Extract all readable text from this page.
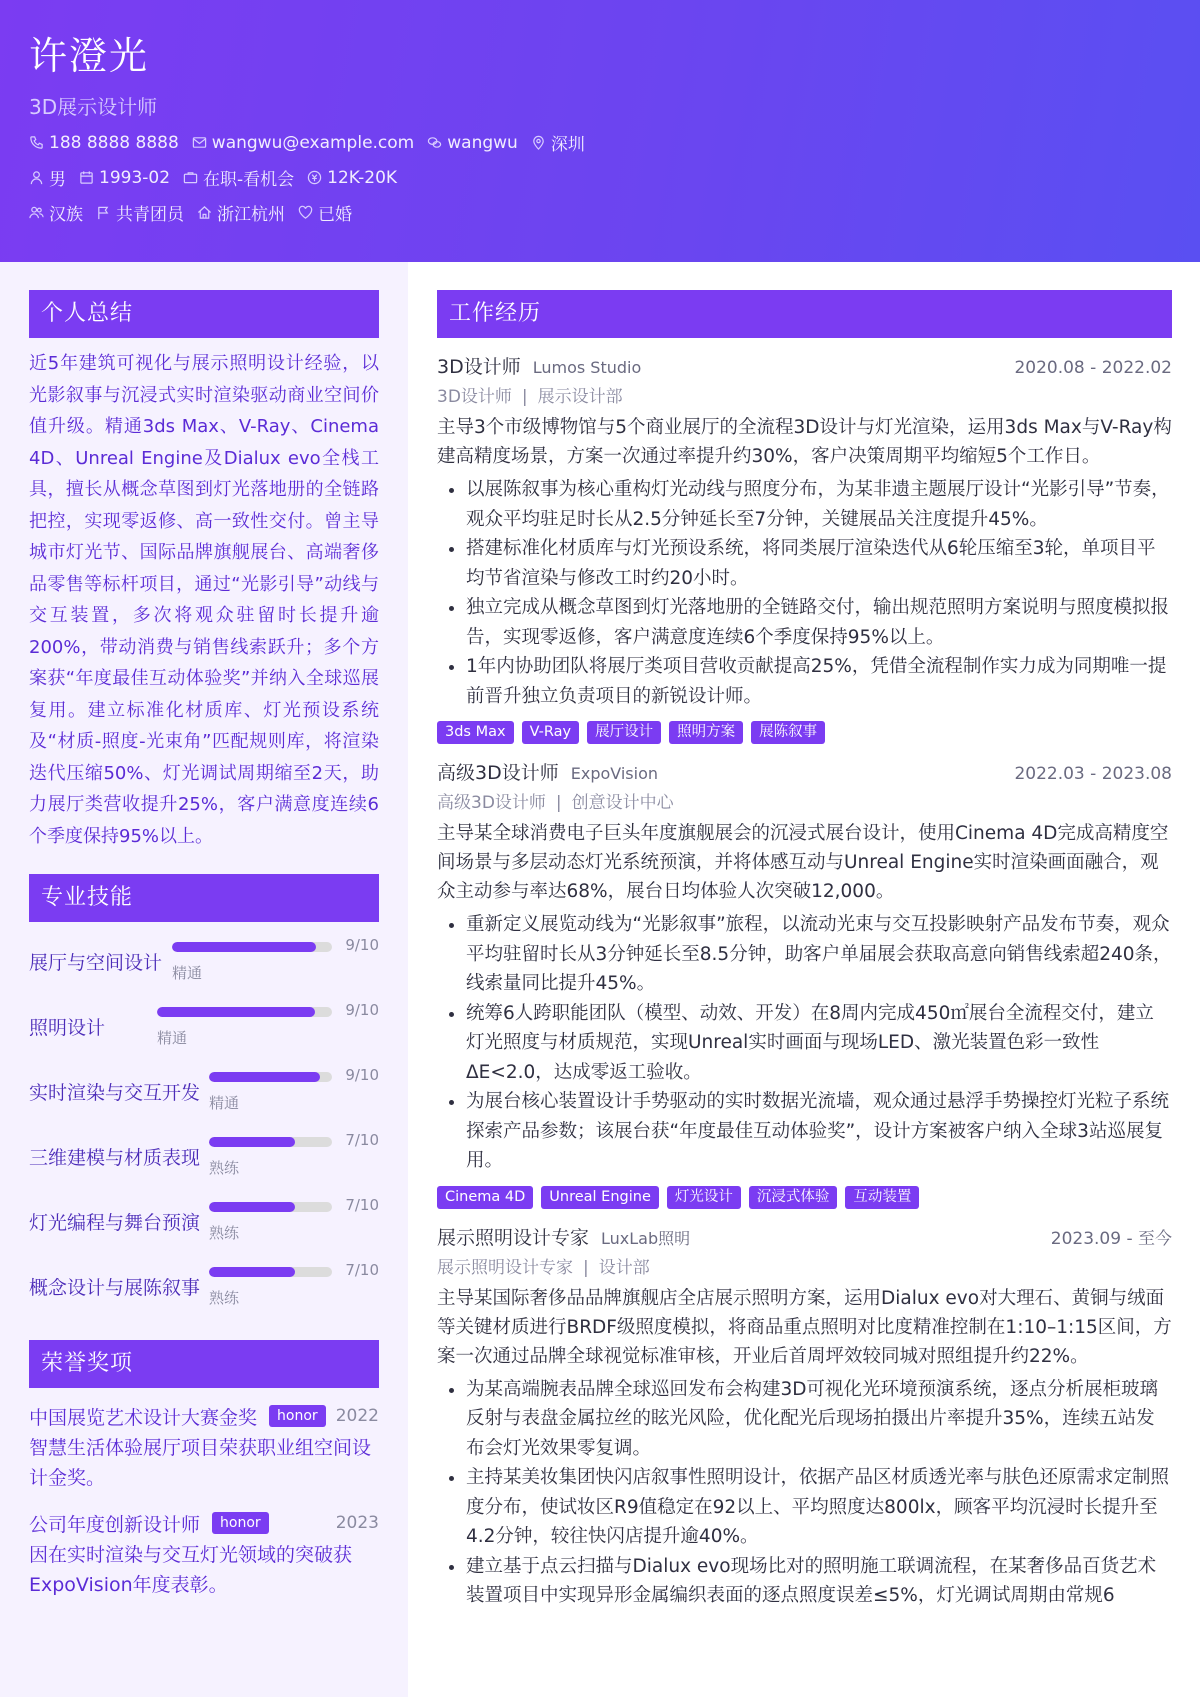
许澄光
3D展示设计师
188 8888 8888 wangwu@example.com wangwu 深圳
男 1993-02 在职-看机会 12K-20K
汉族 共青团员 浙江杭州 已婚
个人总结
近5年建筑可视化与展示照明设计经验，以光影叙事与沉浸式实时渲染驱动商业空间价值升级。精通3ds Max、V-Ray、Cinema 4D、Unreal Engine及Dialux evo全栈工具，擅长从概念草图到灯光落地册的全链路把控，实现零返修、高一致性交付。曾主导城市灯光节、国际品牌旗舰展台、高端奢侈品零售等标杆项目，通过“光影引导”动线与交互装置，多次将观众驻留时长提升逾200%，带动消费与销售线索跃升；多个方案获“年度最佳互动体验奖”并纳入全球巡展复用。建立标准化材质库、灯光预设系统及“材质-照度-光束角”匹配规则库，将渲染迭代压缩50%、灯光调试周期缩至2天，助力展厅类营收提升25%，客户满意度连续6个季度保持95%以上。
专业技能
展厅与空间设计 精通
9/10
照明设计	精通
9/10
实时渲染与交互开发 精通
9/10
三维建模与材质表现 熟练
7/10
灯光编程与舞台预演 熟练
7/10
概念设计与展陈叙事 熟练
7/10
荣誉奖项
中国展览艺术设计大赛金奖	honor	2022
智慧生活体验展厅项目荣获职业组空间设计金奖。
公司年度创新设计师	honor	2023
因在实时渲染与交互灯光领域的突破获ExpoVision年度表彰。
工作经历
3D设计师 Lumos Studio	2020.08 - 2022.02
3D设计师 | 展示设计部
主导3个市级博物馆与5个商业展厅的全流程3D设计与灯光渲染，运用3ds Max与V-Ray构建高精度场景，方案一次通过率提升约30%，客户决策周期平均缩短5个工作日。
• 以展陈叙事为核心重构灯光动线与照度分布，为某非遗主题展厅设计“光影引导”节奏，观众平均驻足时长从2.5分钟延长至7分钟，关键展品关注度提升45%。
• 搭建标准化材质库与灯光预设系统，将同类展厅渲染迭代从6轮压缩至3轮，单项目平均节省渲染与修改工时约20小时。
• 独立完成从概念草图到灯光落地册的全链路交付，输出规范照明方案说明与照度模拟报告，实现零返修，客户满意度连续6个季度保持95%以上。
• 1年内协助团队将展厅类项目营收贡献提高25%，凭借全流程制作实力成为同期唯一提前晋升独立负责项目的新锐设计师。
3ds Max	V-Ray	展厅设计	照明方案	展陈叙事
高级3D设计师 ExpoVision	2022.03 - 2023.08
高级3D设计师 | 创意设计中心
主导某全球消费电子巨头年度旗舰展会的沉浸式展台设计，使用Cinema 4D完成高精度空间场景与多层动态灯光系统预演，并将体感互动与Unreal Engine实时渲染画面融合，观众主动参与率达68%，展台日均体验人次突破12,000。
• 重新定义展览动线为“光影叙事”旅程，以流动光束与交互投影映射产品发布节奏，观众平均驻留时长从3分钟延长至8.5分钟，助客户单届展会获取高意向销售线索超240条，线索量同比提升45%。
• 统筹6人跨职能团队（模型、动效、开发）在8周内完成450㎡展台全流程交付，建立灯光照度与材质规范，实现Unreal实时画面与现场LED、激光装置色彩一致性ΔE<2.0，达成零返工验收。
• 为展台核心装置设计手势驱动的实时数据光流墙，观众通过悬浮手势操控灯光粒子系统探索产品参数；该展台获“年度最佳互动体验奖”，设计方案被客户纳入全球3站巡展复用。
Cinema 4D	Unreal Engine	灯光设计	沉浸式体验	互动装置
展示照明设计专家 LuxLab照明	2023.09 - 至今
展示照明设计专家 | 设计部
主导某国际奢侈品品牌旗舰店全店展示照明方案，运用Dialux evo对大理石、黄铜与绒面等关键材质进行BRDF级照度模拟，将商品重点照明对比度精准控制在1:10–1:15区间，方案一次通过品牌全球视觉标准审核，开业后首周坪效较同城对照组提升约22%。
• 为某高端腕表品牌全球巡回发布会构建3D可视化光环境预演系统，逐点分析展柜玻璃反射与表盘金属拉丝的眩光风险，优化配光后现场拍摄出片率提升35%，连续五站发布会灯光效果零复调。
• 主持某美妆集团快闪店叙事性照明设计，依据产品区材质透光率与肤色还原需求定制照度分布，使试妆区R9值稳定在92以上、平均照度达800lx，顾客平均沉浸时长提升至4.2分钟，较往快闪店提升逾40%。
• 建立基于点云扫描与Dialux evo现场比对的照明施工联调流程，在某奢侈品百货艺术装置项目中实现异形金属编织表面的逐点照度误差≤5%，灯光调试周期由常规6
